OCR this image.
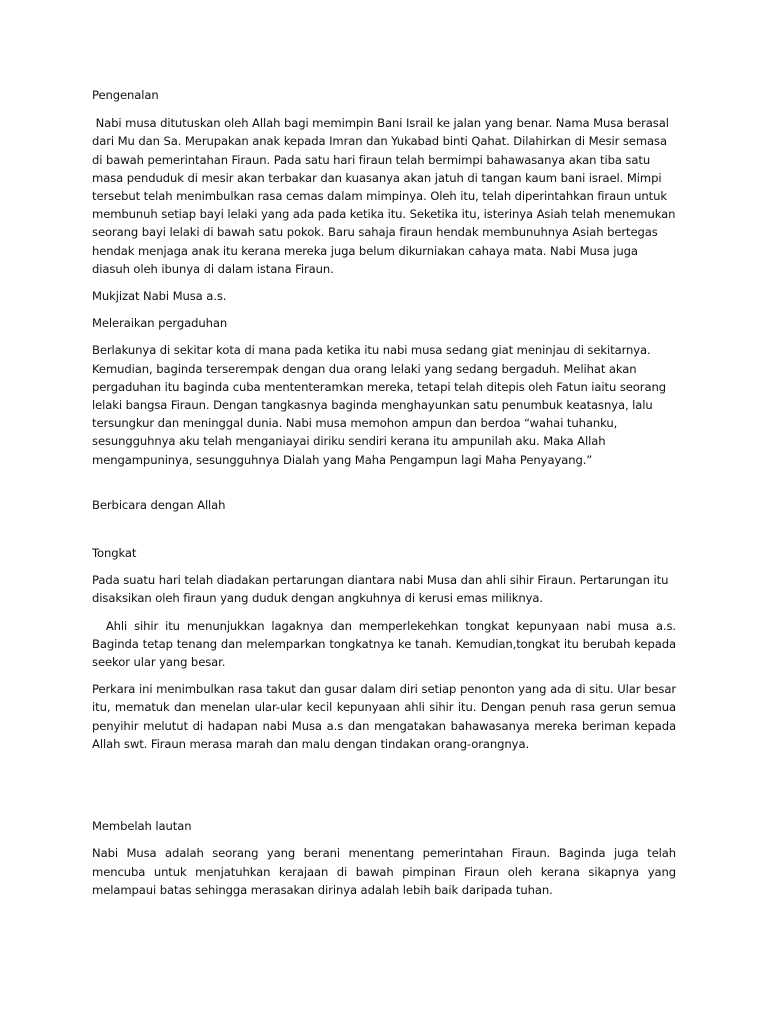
Pengenalan

Nabi musa ditutuskan oleh Allah bagi memimpin Bani Israil ke jalan yang benar. Nama Musa berasal dari Mu dan Sa. Merupakan anak kepada Imran dan Yukabad binti Qahat. Dilahirkan di Mesir semasa di bawah pemerintahan Firaun. Pada satu hari firaun telah bermimpi bahawasanya akan tiba satu masa penduduk di mesir akan terbakar dan kuasanya akan jatuh di tangan kaum bani israel. Mimpi tersebut telah menimbulkan rasa cemas dalam mimpinya. Oleh itu, telah diperintahkan firaun untuk membunuh setiap bayi lelaki yang ada pada ketika itu. Seketika itu, isterinya Asiah telah menemukan seorang bayi lelaki di bawah satu pokok. Baru sahaja firaun hendak membunuhnya Asiah bertegas hendak menjaga anak itu kerana mereka juga belum dikurniakan cahaya mata. Nabi Musa juga diasuh oleh ibunya di dalam istana Firaun.

Mukjizat Nabi Musa a.s.

Meleraikan pergaduhan

Berlakunya di sekitar kota di mana pada ketika itu nabi musa sedang giat meninjau di sekitarnya. Kemudian, baginda terserempak dengan dua orang lelaki yang sedang bergaduh. Melihat akan pergaduhan itu baginda cuba mententeramkan mereka, tetapi telah ditepis oleh Fatun iaitu seorang lelaki bangsa Firaun. Dengan tangkasnya baginda menghayunkan satu penumbuk keatasnya, lalu tersungkur dan meninggal dunia. Nabi musa memohon ampun dan berdoa “wahai tuhanku, sesungguhnya aku telah menganiayai diriku sendiri kerana itu ampunilah aku. Maka Allah mengampuninya, sesungguhnya Dialah yang Maha Pengampun lagi Maha Penyayang.”

Berbicara dengan Allah

Tongkat

Pada suatu hari telah diadakan pertarungan diantara nabi Musa dan ahli sihir Firaun. Pertarungan itu disaksikan oleh firaun yang duduk dengan angkuhnya di kerusi emas miliknya.

Ahli sihir itu menunjukkan lagaknya dan memperlekehkan tongkat kepunyaan nabi musa a.s. Baginda tetap tenang dan melemparkan tongkatnya ke tanah. Kemudian,tongkat itu berubah kepada seekor ular yang besar.

Perkara ini menimbulkan rasa takut dan gusar dalam diri setiap penonton yang ada di situ. Ular besar itu, mematuk dan menelan ular-ular kecil kepunyaan ahli sihir itu. Dengan penuh rasa gerun semua penyihir melutut di hadapan nabi Musa a.s dan mengatakan bahawasanya mereka beriman kepada Allah swt. Firaun merasa marah dan malu dengan tindakan orang-orangnya.

Membelah lautan

Nabi Musa adalah seorang yang berani menentang pemerintahan Firaun. Baginda juga telah mencuba untuk menjatuhkan kerajaan di bawah pimpinan Firaun oleh kerana sikapnya yang melampaui batas sehingga merasakan dirinya adalah lebih baik daripada tuhan.
